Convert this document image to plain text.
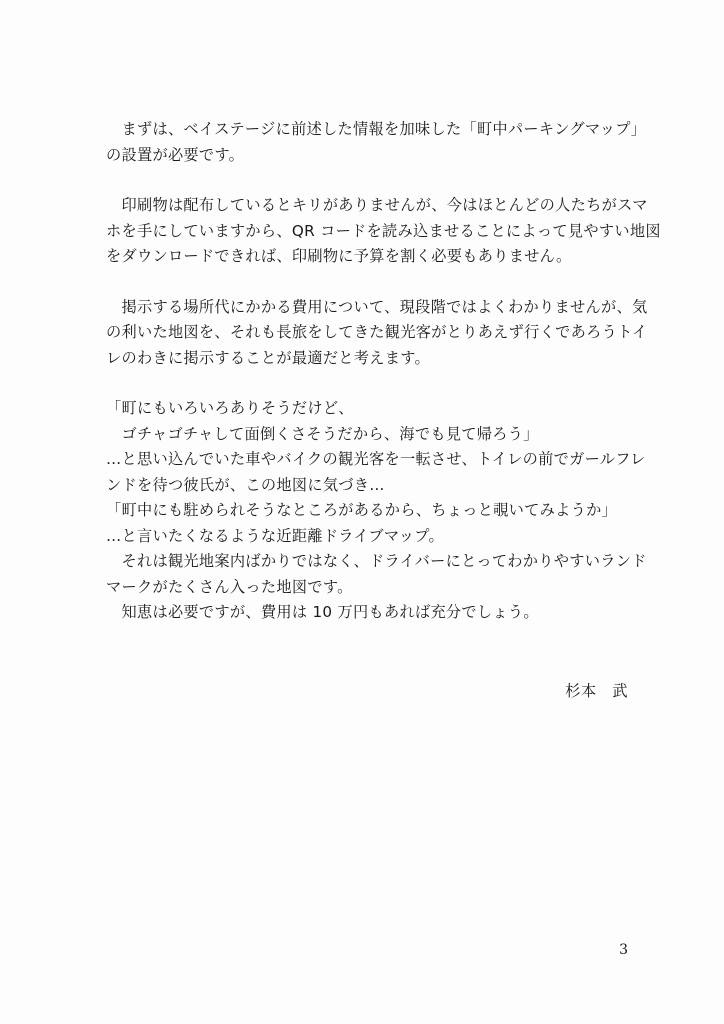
　まずは、ベイステージに前述した情報を加味した「町中パーキングマップ」
の設置が必要です。
　印刷物は配布しているとキリがありませんが、今はほとんどの人たちがスマ
ホを手にしていますから、QR コードを読み込ませることによって見やすい地図
をダウンロードできれば、印刷物に予算を割く必要もありません。
　掲示する場所代にかかる費用について、現段階ではよくわかりませんが、気
の利いた地図を、それも長旅をしてきた観光客がとりあえず行くであろうトイ
レのわきに掲示することが最適だと考えます。
「町にもいろいろありそうだけど、
　ゴチャゴチャして面倒くさそうだから、海でも見て帰ろう」
…と思い込んでいた車やバイクの観光客を一転させ、トイレの前でガールフレ
ンドを待つ彼氏が、この地図に気づき…
「町中にも駐められそうなところがあるから、ちょっと覗いてみようか」
…と言いたくなるような近距離ドライブマップ。
　それは観光地案内ばかりではなく、ドライバーにとってわかりやすいランド
マークがたくさん入った地図です。
　知恵は必要ですが、費用は 10 万円もあれば充分でしょう。
杉本　武
3
